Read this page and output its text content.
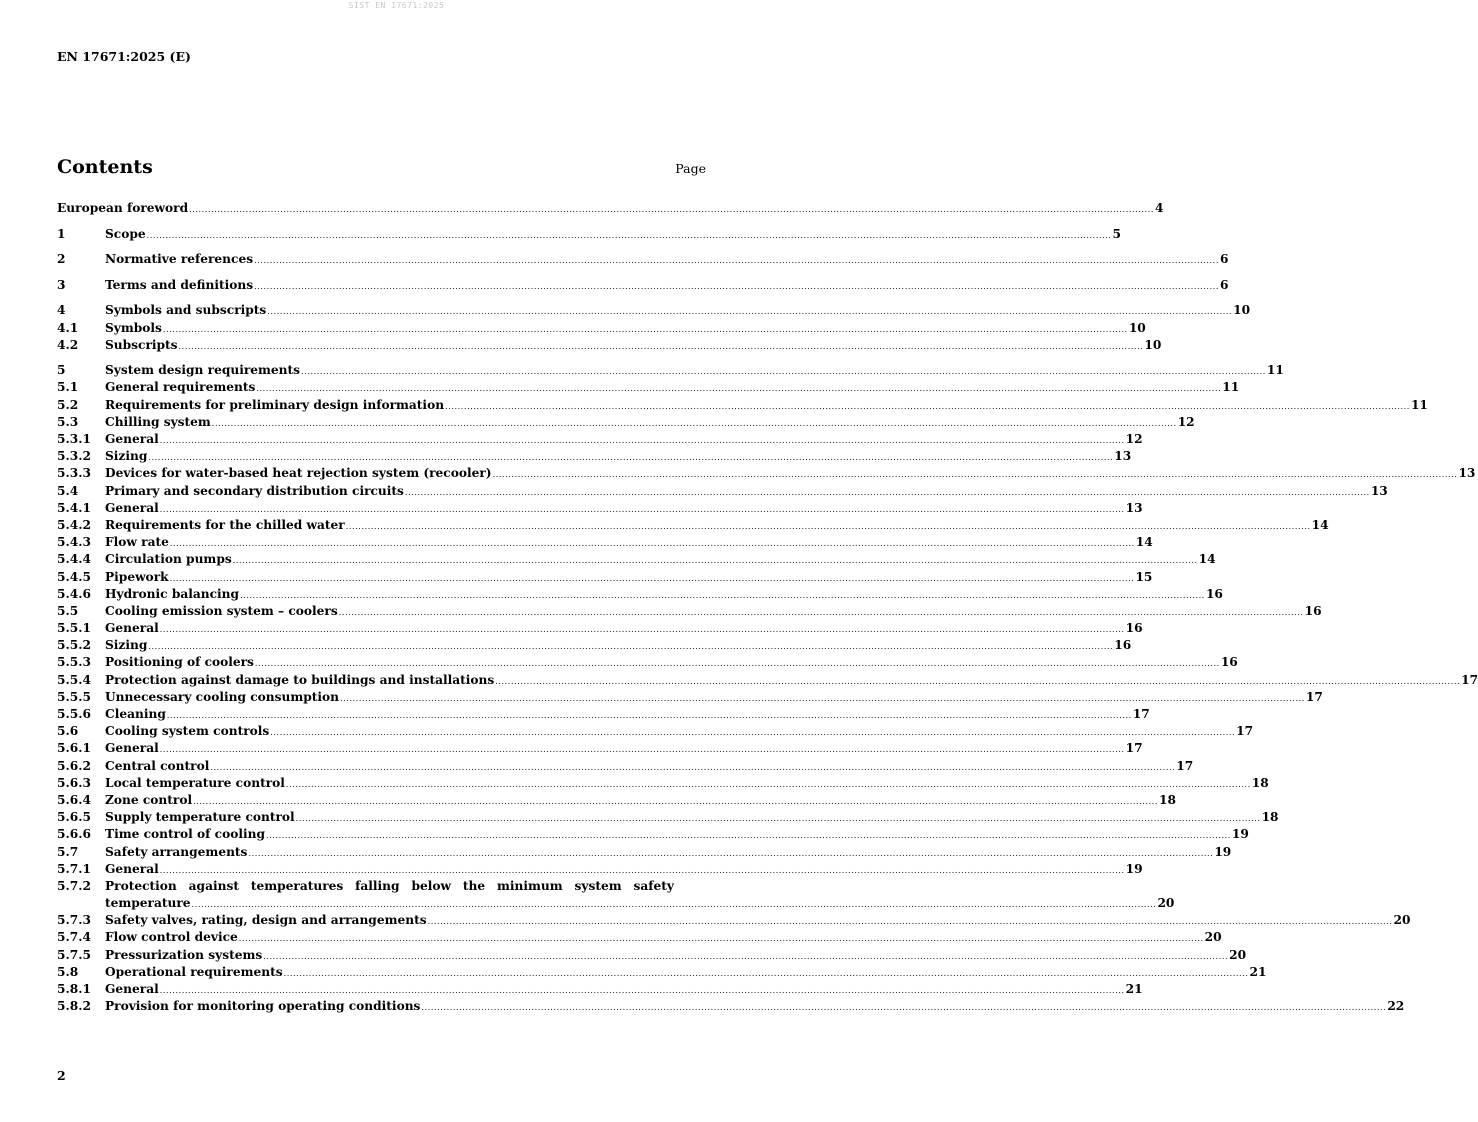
SIST EN 17671:2025
EN 17671:2025 (E)
Contents	Page
European foreword ................................................................................................................................................................................................................................................................................................................... 4
1	Scope ................................................................................................................................................................................................................................................................................................................... 5
2	Normative references ................................................................................................................................................................................................................................................................................................................... 6
3	Terms and definitions ................................................................................................................................................................................................................................................................................................................... 6
4	Symbols and subscripts ................................................................................................................................................................................................................................................................................................................... 10
4.1 Symbols ................................................................................................................................................................................................................................................................................................................... 10
4.2 Subscripts ................................................................................................................................................................................................................................................................................................................... 10
5	System design requirements ................................................................................................................................................................................................................................................................................................................... 11
5.1 General requirements ................................................................................................................................................................................................................................................................................................................... 11
5.2 Requirements for preliminary design information ................................................................................................................................................................................................................................................................................................................... 11
5.3 Chilling system ................................................................................................................................................................................................................................................................................................................... 12
5.3.1 General ................................................................................................................................................................................................................................................................................................................... 12
5.3.2 Sizing ................................................................................................................................................................................................................................................................................................................... 13
5.3.3 Devices for water-based heat rejection system (recooler) ................................................................................................................................................................................................................................................................................................................... 13
5.4 Primary and secondary distribution circuits ................................................................................................................................................................................................................................................................................................................... 13
5.4.1 General ................................................................................................................................................................................................................................................................................................................... 13
5.4.2 Requirements for the chilled water ................................................................................................................................................................................................................................................................................................................... 14
5.4.3 Flow rate ................................................................................................................................................................................................................................................................................................................... 14
5.4.4 Circulation pumps ................................................................................................................................................................................................................................................................................................................... 14
5.4.5 Pipework ................................................................................................................................................................................................................................................................................................................... 15
5.4.6 Hydronic balancing ................................................................................................................................................................................................................................................................................................................... 16
5.5 Cooling emission system – coolers ................................................................................................................................................................................................................................................................................................................... 16
5.5.1 General ................................................................................................................................................................................................................................................................................................................... 16
5.5.2 Sizing ................................................................................................................................................................................................................................................................................................................... 16
5.5.3 Positioning of coolers ................................................................................................................................................................................................................................................................................................................... 16
5.5.4 Protection against damage to buildings and installations ................................................................................................................................................................................................................................................................................................................... 17
5.5.5 Unnecessary cooling consumption ................................................................................................................................................................................................................................................................................................................... 17
5.5.6 Cleaning ................................................................................................................................................................................................................................................................................................................... 17
5.6 Cooling system controls ................................................................................................................................................................................................................................................................................................................... 17
5.6.1 General ................................................................................................................................................................................................................................................................................................................... 17
5.6.2 Central control ................................................................................................................................................................................................................................................................................................................... 17
5.6.3 Local temperature control ................................................................................................................................................................................................................................................................................................................... 18
5.6.4 Zone control ................................................................................................................................................................................................................................................................................................................... 18
5.6.5 Supply temperature control ................................................................................................................................................................................................................................................................................................................... 18
5.6.6 Time control of cooling ................................................................................................................................................................................................................................................................................................................... 19
5.7 Safety arrangements ................................................................................................................................................................................................................................................................................................................... 19
5.7.1 General ................................................................................................................................................................................................................................................................................................................... 19
5.7.2 Protection against temperatures falling below the minimum system safety
temperature ................................................................................................................................................................................................................................................................................................................... 20
5.7.3 Safety valves, rating, design and arrangements ................................................................................................................................................................................................................................................................................................................... 20
5.7.4 Flow control device ................................................................................................................................................................................................................................................................................................................... 20
5.7.5 Pressurization systems ................................................................................................................................................................................................................................................................................................................... 20
5.8 Operational requirements ................................................................................................................................................................................................................................................................................................................... 21
5.8.1 General ................................................................................................................................................................................................................................................................................................................... 21
5.8.2 Provision for monitoring operating conditions ................................................................................................................................................................................................................................................................................................................... 22
2
